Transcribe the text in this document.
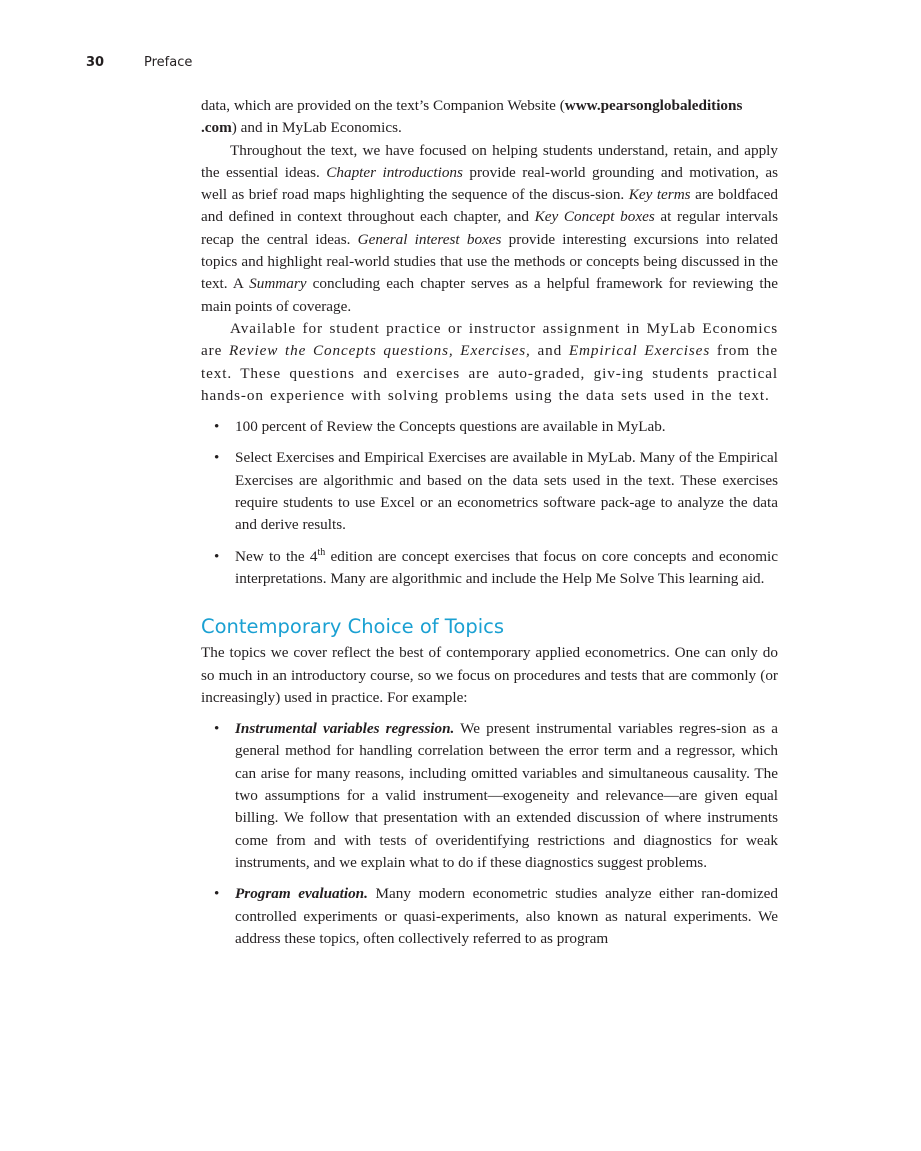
30	Preface

data, which are provided on the text’s Companion Website (www.pearsonglobaleditions
.com) and in MyLab Economics.

Throughout the text, we have focused on helping students understand, retain, and apply the essential ideas. Chapter introductions provide real-world grounding and motivation, as well as brief road maps highlighting the sequence of the discus-sion. Key terms are boldfaced and defined in context throughout each chapter, and Key Concept boxes at regular intervals recap the central ideas. General interest boxes provide interesting excursions into related topics and highlight real-world studies that use the methods or concepts being discussed in the text. A Summary concluding each chapter serves as a helpful framework for reviewing the main points of coverage.

Available for student practice or instructor assignment in MyLab Economics are Review the Concepts questions, Exercises, and Empirical Exercises from the text. These questions and exercises are auto-graded, giv-ing students practical hands-on experience with solving problems using the data sets used in the text.

• 100 percent of Review the Concepts questions are available in MyLab.
• Select Exercises and Empirical Exercises are available in MyLab. Many of the Empirical Exercises are algorithmic and based on the data sets used in the text. These exercises require students to use Excel or an econometrics software pack-age to analyze the data and derive results.
• New to the 4th edition are concept exercises that focus on core concepts and economic interpretations. Many are algorithmic and include the Help Me Solve This learning aid.
Contemporary Choice of Topics

The topics we cover reflect the best of contemporary applied econometrics. One can only do so much in an introductory course, so we focus on procedures and tests that are commonly (or increasingly) used in practice. For example:

• Instrumental variables regression. We present instrumental variables regres-sion as a general method for handling correlation between the error term and a regressor, which can arise for many reasons, including omitted variables and simultaneous causality. The two assumptions for a valid instrument—exogeneity and relevance—are given equal billing. We follow that presentation with an extended discussion of where instruments come from and with tests of overidentifying restrictions and diagnostics for weak instruments, and we explain what to do if these diagnostics suggest problems.
• Program evaluation. Many modern econometric studies analyze either ran-domized controlled experiments or quasi-experiments, also known as natural experiments. We address these topics, often collectively referred to as program
